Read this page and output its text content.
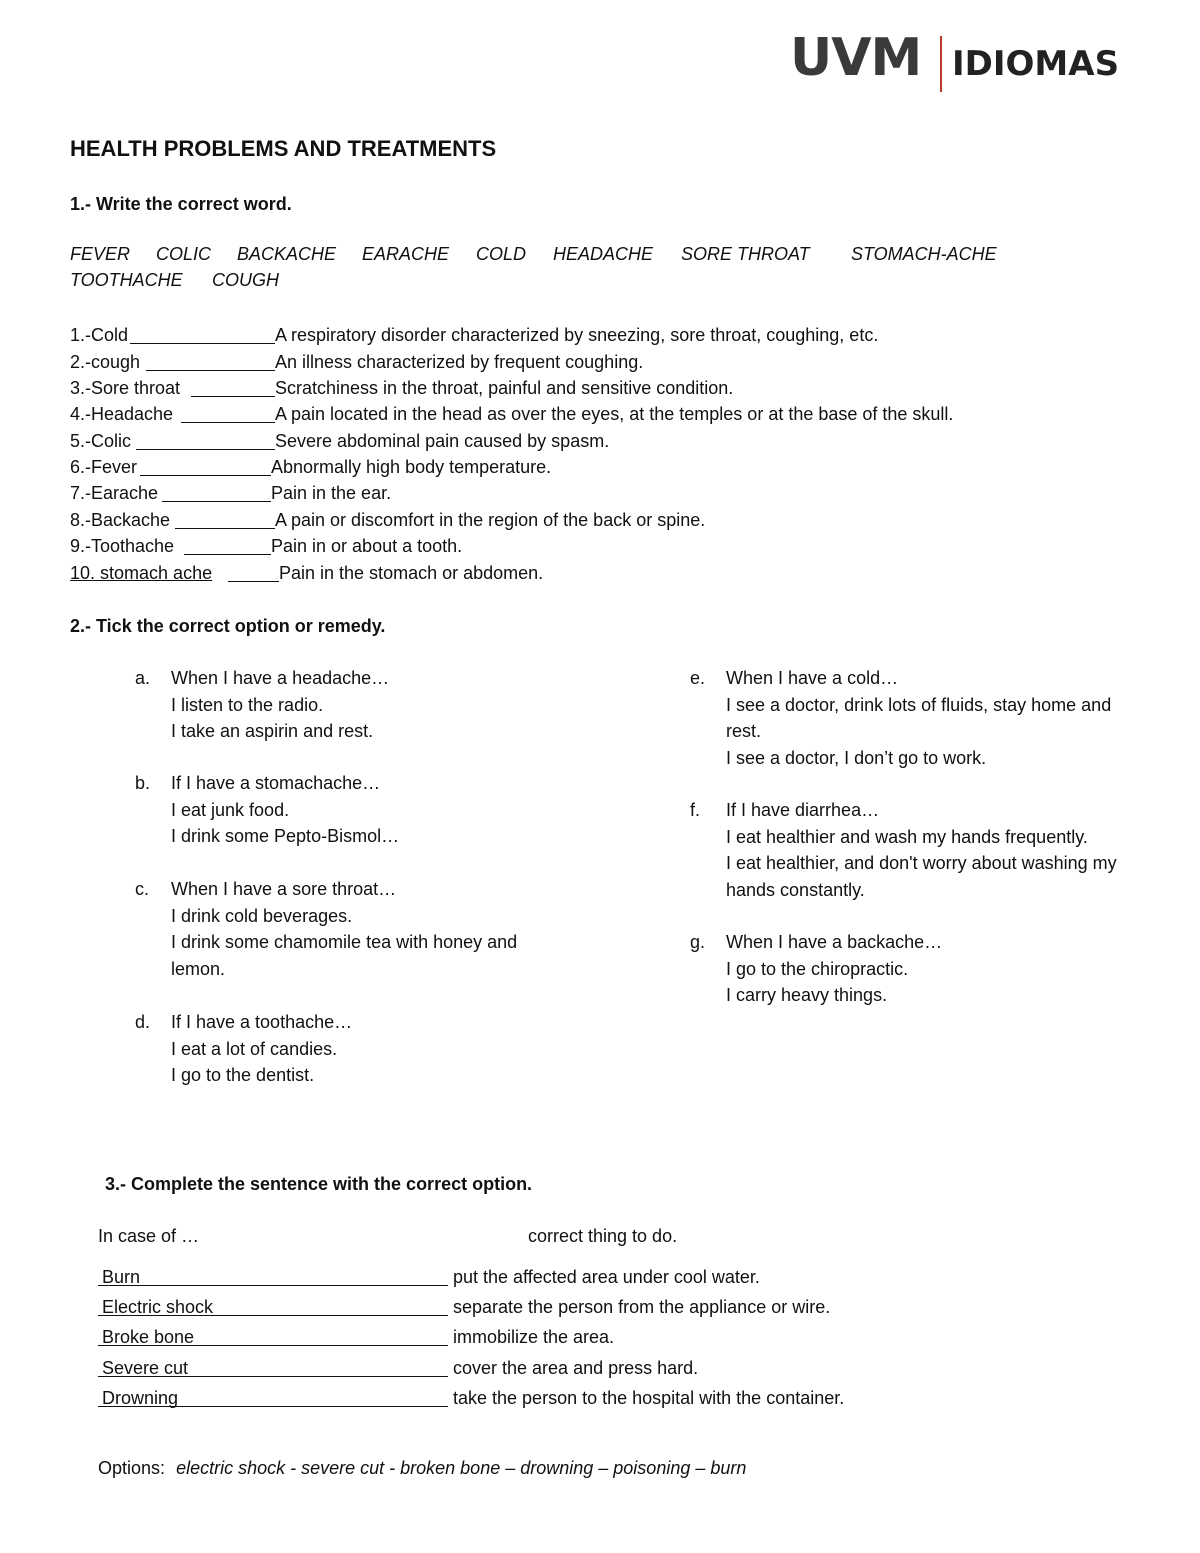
UVM IDIOMAS
HEALTH PROBLEMS AND TREATMENTS
1.- Write the correct word.
FEVER COLIC BACKACHE EARACHE COLD HEADACHE SORE THROAT STOMACH-ACHE
TOOTHACHE COUGH
1.-Cold	A respiratory disorder characterized by sneezing, sore throat, coughing, etc.
2.-cough	An illness characterized by frequent coughing.
3.-Sore throat	Scratchiness in the throat, painful and sensitive condition.
4.-Headache	A pain located in the head as over the eyes, at the temples or at the base of the skull.
5.-Colic	Severe abdominal pain caused by spasm.
6.-Fever	Abnormally high body temperature.
7.-Earache	Pain in the ear.
8.-Backache	A pain or discomfort in the region of the back or spine.
9.-Toothache	Pain in or about a tooth.
10. stomach ache	Pain in the stomach or abdomen.
2.- Tick the correct option or remedy.
a. When I have a headache…
I listen to the radio.
I take an aspirin and rest.
b. If I have a stomachache…
I eat junk food.
I drink some Pepto-Bismol…
c. When I have a sore throat…
I drink cold beverages.
I drink some chamomile tea with honey and lemon.
d. If I have a toothache…
I eat a lot of candies.
I go to the dentist.
e. When I have a cold…
I see a doctor, drink lots of fluids, stay home and rest.
I see a doctor, I don’t go to work.
f. If I have diarrhea…
I eat healthier and wash my hands frequently.
I eat healthier, and don't worry about washing my hands constantly.
g. When I have a backache…
I go to the chiropractic.
I carry heavy things.
3.- Complete the sentence with the correct option.
In case of …	correct thing to do.
Burn	put the affected area under cool water.
Electric shock	separate the person from the appliance or wire.
Broke bone	immobilize the area.
Severe cut	cover the area and press hard.
Drowning	take the person to the hospital with the container.
Options: electric shock - severe cut - broken bone – drowning – poisoning – burn
